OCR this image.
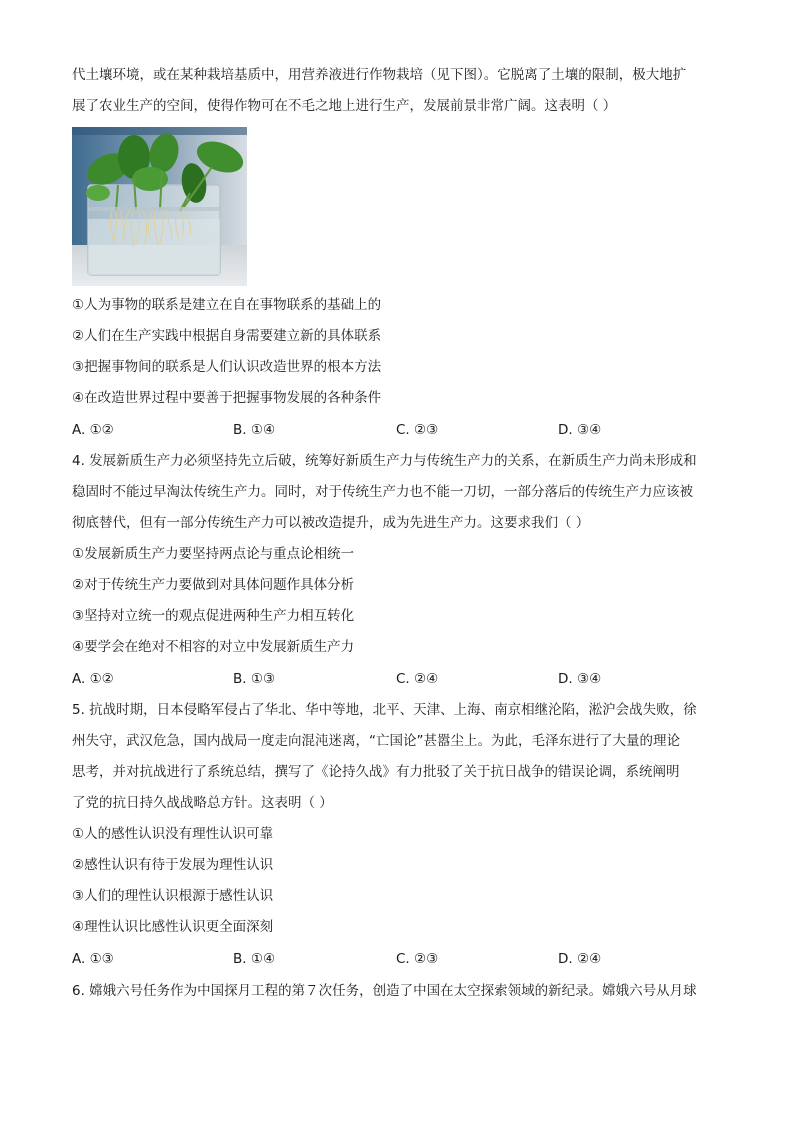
代土壤环境，或在某种栽培基质中，用营养液进行作物栽培（见下图）。它脱离了土壤的限制，极大地扩
展了农业生产的空间，使得作物可在不毛之地上进行生产，发展前景非常广阔。这表明（ ）
①人为事物的联系是建立在自在事物联系的基础上的
②人们在生产实践中根据自身需要建立新的具体联系
③把握事物间的联系是人们认识改造世界的根本方法
④在改造世界过程中要善于把握事物发展的各种条件
A. ①②	B. ①④	C. ②③	D. ③④
4. 发展新质生产力必须坚持先立后破，统筹好新质生产力与传统生产力的关系，在新质生产力尚未形成和
稳固时不能过早淘汰传统生产力。同时，对于传统生产力也不能一刀切，一部分落后的传统生产力应该被
彻底替代，但有一部分传统生产力可以被改造提升，成为先进生产力。这要求我们（ ）
①发展新质生产力要坚持两点论与重点论相统一
②对于传统生产力要做到对具体问题作具体分析
③坚持对立统一的观点促进两种生产力相互转化
④要学会在绝对不相容的对立中发展新质生产力
A. ①②	B. ①③	C. ②④	D. ③④
5. 抗战时期，日本侵略军侵占了华北、华中等地，北平、天津、上海、南京相继沦陷，淞沪会战失败，徐
州失守，武汉危急，国内战局一度走向混沌迷离，“亡国论”甚嚣尘上。为此，毛泽东进行了大量的理论
思考，并对抗战进行了系统总结，撰写了《论持久战》有力批驳了关于抗日战争的错误论调，系统阐明
了党的抗日持久战战略总方针。这表明（ ）
①人的感性认识没有理性认识可靠
②感性认识有待于发展为理性认识
③人们的理性认识根源于感性认识
④理性认识比感性认识更全面深刻
A. ①③	B. ①④	C. ②③	D. ②④
6. 嫦娥六号任务作为中国探月工程的第７次任务，创造了中国在太空探索领域的新纪录。嫦娥六号从月球
